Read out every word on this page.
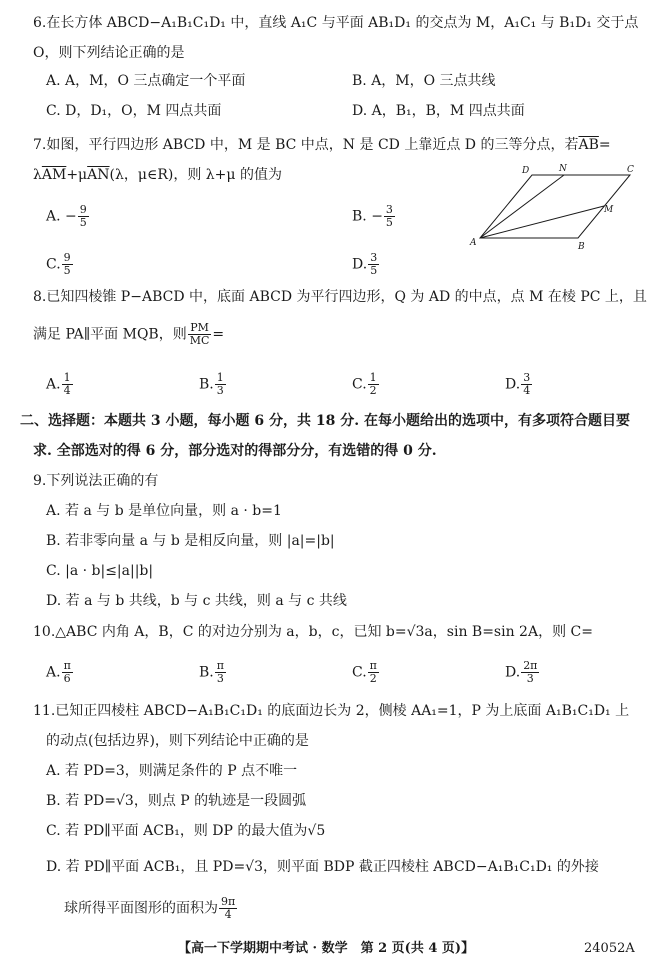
6.在长方体 ABCD−A₁B₁C₁D₁ 中，直线 A₁C 与平面 AB₁D₁ 的交点为 M，A₁C₁ 与 B₁D₁ 交于点
O，则下列结论正确的是
A. A，M，O 三点确定一个平面	B. A，M，O 三点共线
C. D，D₁，O，M 四点共面	D. A，B₁，B，M 四点共面
7.如图，平行四边形 ABCD 中，M 是 BC 中点，N 是 CD 上靠近点 D 的三等分点，若$\overline{AB}=$
$\lambda\overline{AM}+\mu\overline{AN}(\lambda$，μ∈R)，则 λ+μ 的值为
A. − $\frac{9}{5}$	B. − $\frac{3}{5}$
C. $\frac{9}{5}$	D. $\frac{3}{5}$
A	B
C
D
M
N
8.已知四棱锥 P−ABCD 中，底面 ABCD 为平行四边形，Q 为 AD 的中点，点 M 在棱 PC 上，且
满足 PA∥平面 MQB，则 $\frac{PM}{MC}$ =
A. $\frac{1}{4}$	B. $\frac{1}{3}$	C. $\frac{1}{2}$	D. $\frac{3}{4}$
二、选择题：本题共 3 小题，每小题 6 分，共 18 分. 在每小题给出的选项中，有多项符合题目要
求. 全部选对的得 6 分，部分选对的得部分分，有选错的得 0 分.
9.下列说法正确的有
A. 若 a 与 b 是单位向量，则 a · b=1
B. 若非零向量 a 与 b 是相反向量，则 |a|=|b|
C. |a · b|≤|a||b|
D. 若 a 与 b 共线，b 与 c 共线，则 a 与 c 共线
10.△ABC 内角 A，B，C 的对边分别为 a，b，c，已知 b=√3a，sin B=sin 2A，则 C=
A. $\frac{\pi}{6}$	B. $\frac{\pi}{3}$	C. $\frac{\pi}{2}$	D. $\frac{2\pi}{3}$
11.已知正四棱柱 ABCD−A₁B₁C₁D₁ 的底面边长为 2，侧棱 AA₁=1，P 为上底面 A₁B₁C₁D₁ 上
的动点(包括边界)，则下列结论中正确的是
A. 若 PD=3，则满足条件的 P 点不唯一
B. 若 PD=√3，则点 P 的轨迹是一段圆弧
C. 若 PD∥平面 ACB₁，则 DP 的最大值为√5
D. 若 PD∥平面 ACB₁，且 PD=√3，则平面 BDP 截正四棱柱 ABCD−A₁B₁C₁D₁ 的外接
球所得平面图形的面积为 $\frac{9\pi}{4}$
【高一下学期期中考试 · 数学　第 2 页(共 4 页)】	24052A
